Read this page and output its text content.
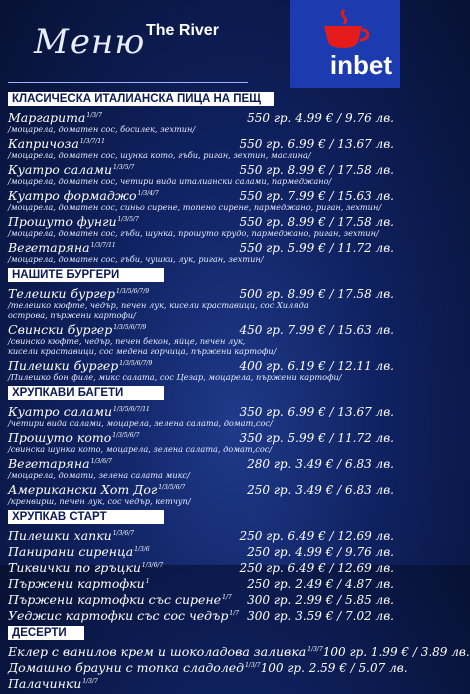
Меню The River
inbet
КЛАСИЧЕСКА ИТАЛИАНСКА ПИЦА НА ПЕЩ
Маргарита$^{1/3/7}$	550 гр. 4.99 € / 9.76 лв.
/моцарела, доматен сос, босилек, зехтин/
Капричоза$^{1/3/7/11}$	550 гр. 6.99 € / 13.67 лв.
/моцарела, доматен сос, шунка кото, гъби, риган, зехтин, маслина/
Куатро салами$^{1/3/5/7}$	550 гр. 8.99 € / 17.58 лв.
/моцарела, доматен сос, четири вида италиански салами, пармеджано/
Куатро формаджо$^{1/3/4/7}$	550 гр. 7.99 € / 15.63 лв.
/моцарела, доматен сос, синьо сирене, топено сирене, пармеджано, риган, зехтин/
Прошуто фунги$^{1/3/5/7}$	550 гр. 8.99 € / 17.58 лв.
/моцарела, доматен сос, гъби, шунка, прошуто крудо, пармеджано, риган, зехтин/
Вегетаряна$^{1/3/7/11}$	550 гр. 5.99 € / 11.72 лв.
/моцарела, доматен сос, гъби, чушки, лук, риган, зехтин/
НАШИТЕ БУРГЕРИ
Телешки бургер$^{1/3/5/6/7/9}$	500 гр. 8.99 € / 17.58 лв.
/телешко кюфте, чедър, печен лук, кисели краставици, сос Хиляда
острова, пържени картофи/
Свински бургер$^{1/3/5/6/7/9}$	450 гр. 7.99 € / 15.63 лв.
/свинско кюфте, чедър, печен бекон, яйце, печен лук,
кисели краставици, сос медена горчица, пържени картофи/
Пилешки бургер$^{1/3/5/6/7/9}$	400 гр. 6.19 € / 12.11 лв.
/Пилешко бон филе, микс салата, сос Цезар, моцарела, пържени картофи/
ХРУПКАВИ БАГЕТИ
Куатро салами$^{1/3/5/6/7/11}$	350 гр. 6.99 € / 13.67 лв.
/четири вида салами, моцарела, зелена салата, домат,сос/
Прошуто кото$^{1/3/5/6/7}$	350 гр. 5.99 € / 11.72 лв.
/свинска шунка кото, моцарела, зелена салата, домат,сос/
Вегетаряна$^{1/3/6/7}$	280 гр. 3.49 € / 6.83 лв.
/моцарела, домати, зелена салата микс/
Американски Хот Дог$^{1/3/5/6/7}$	250 гр. 3.49 € / 6.83 лв.
/кренвирш, печен лук, сос чедър, кетчуп/
ХРУПКАВ СТАРТ
Пилешки хапки$^{1/3/6/7}$	250 гр. 6.49 € / 12.69 лв.
Панирани сиренца$^{1/3/6}$	250 гр. 4.99 € / 9.76 лв.
Тиквички по гръцки$^{1/3/6/7}$	250 гр. 6.49 € / 12.69 лв.
Пържени картофки$^1$	250 гр. 2.49 € / 4.87 лв.
Пържени картофки със сирене$^{1/7}$ 300 гр. 2.99 € / 5.85 лв.
Уеджис картофки със сос чедър$^{1/7}$ 300 гр. 3.59 € / 7.02 лв.
ДЕСЕРТИ
Еклер с ванилов крем и шоколадова заливка$^{1/3/7}$ 100 гр. 1.99 € / 3.89 лв.
Домашно брауни с топка сладолед$^{1/3/7}$ 100 гр. 2.59 € / 5.07 лв.
Палачинки$^{1/3/7}$
